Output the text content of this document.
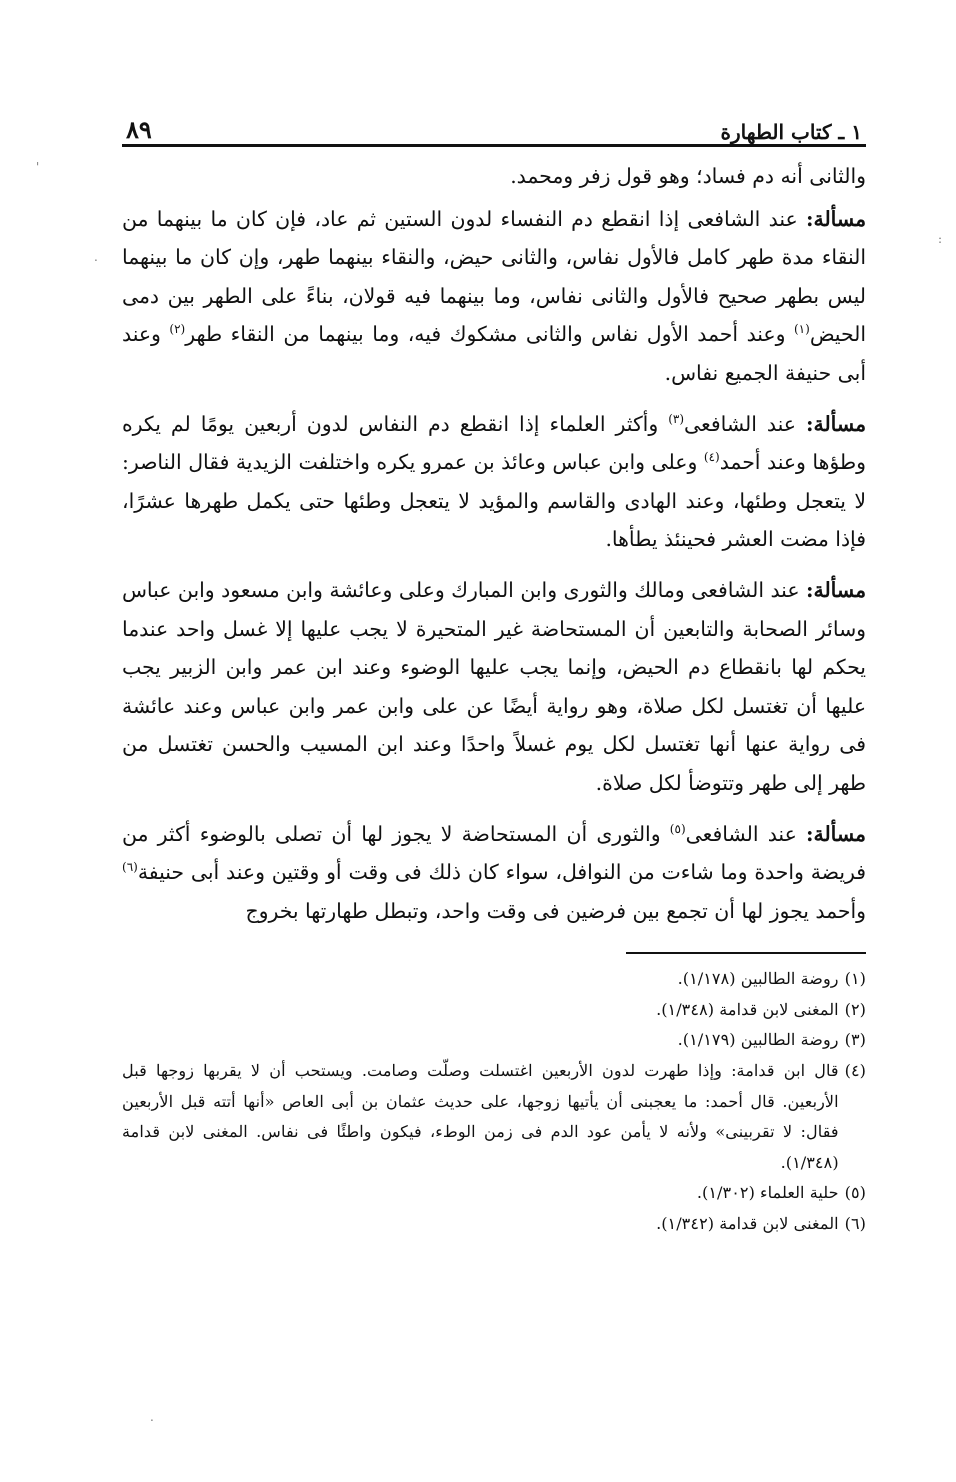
١ ـ كتاب الطهارة
٨٩

والثانى أنه دم فساد؛ وهو قول زفر ومحمد.

مسألة: عند الشافعى إذا انقطع دم النفساء لدون الستين ثم عاد، فإن كان ما بينهما من النقاء مدة طهر كامل فالأول نفاس، والثانى حيض، والنقاء بينهما طهر، وإن كان ما بينهما ليس بطهر صحيح فالأول والثانى نفاس، وما بينهما فيه قولان، بناءً على الطهر بين دمى الحيض$^{(١)}$ وعند أحمد الأول نفاس والثانى مشكوك فيه، وما بينهما من النقاء طهر$^{(٢)}$ وعند أبى حنيفة الجميع نفاس.

مسألة: عند الشافعى$^{(٣)}$ وأكثر العلماء إذا انقطع دم النفاس لدون أربعين يومًا لم يكره وطؤها وعند أحمد$^{(٤)}$ وعلى وابن عباس وعائذ بن عمرو يكره واختلفت الزيدية فقال الناصر: لا يتعجل وطئها، وعند الهادى والقاسم والمؤيد لا يتعجل وطئها حتى يكمل طهرها عشرًا، فإذا مضت العشر فحينئذ يطأها.

مسألة: عند الشافعى ومالك والثورى وابن المبارك وعلى وعائشة وابن مسعود وابن عباس وسائر الصحابة والتابعين أن المستحاضة غير المتحيرة لا يجب عليها إلا غسل واحد عندما يحكم لها بانقطاع دم الحيض، وإنما يجب عليها الوضوء وعند ابن عمر وابن الزبير يجب عليها أن تغتسل لكل صلاة، وهو رواية أيضًا عن على وابن عمر وابن عباس وعند عائشة فى رواية عنها أنها تغتسل لكل يوم غسلاً واحدًا وعند ابن المسيب والحسن تغتسل من طهر إلى طهر وتتوضأ لكل صلاة.

مسألة: عند الشافعى$^{(٥)}$ والثورى أن المستحاضة لا يجوز لها أن تصلى بالوضوء أكثر من فريضة واحدة وما شاءت من النوافل، سواء كان ذلك فى وقت أو وقتين وعند أبى حنيفة$^{(٦)}$ وأحمد يجوز لها أن تجمع بين فرضين فى وقت واحد، وتبطل طهارتها بخروج

(١)
روضة الطالبين (١/١٧٨).
(٢)
المغنى لابن قدامة (١/٣٤٨).
(٣)
روضة الطالبين (١/١٧٩).
(٤)
قال ابن قدامة: وإذا طهرت لدون الأربعين اغتسلت وصلّت وصامت. ويستحب أن لا يقربها زوجها قبل الأربعين. قال أحمد: ما يعجبنى أن يأتيها زوجها، على حديث عثمان بن أبى العاص «أنها أتته قبل الأربعين فقال: لا تقربينى» ولأنه لا يأمن عود الدم فى زمن الوطء، فيكون واطئًا فى نفاس. المغنى لابن قدامة (١/٣٤٨).
(٥)
حلية العلماء (١/٣٠٢).
(٦)
المغنى لابن قدامة (١/٣٤٢).
'
:
.
.
